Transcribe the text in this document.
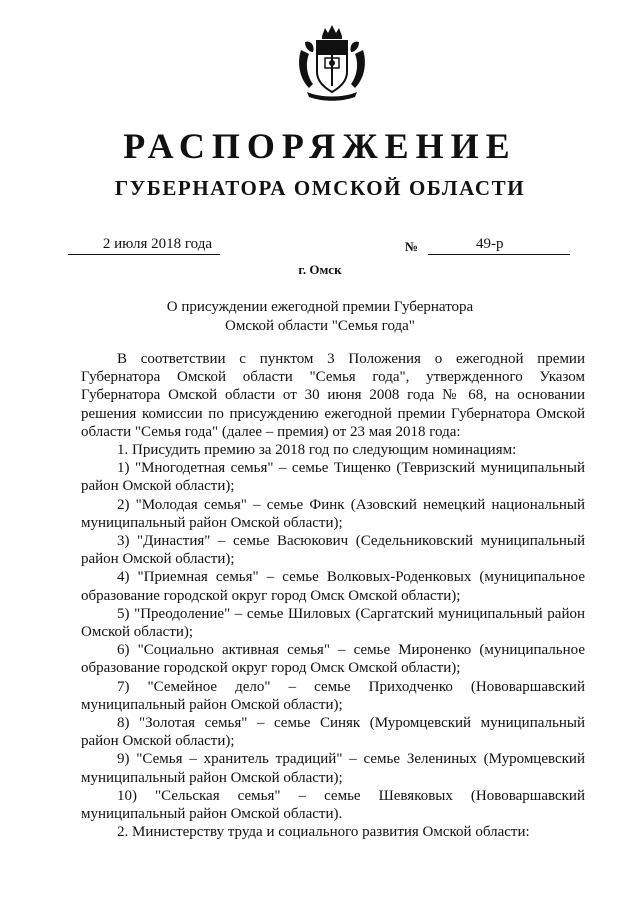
РАСПОРЯЖЕНИЕ
ГУБЕРНАТОРА ОМСКОЙ ОБЛАСТИ
2 июля 2018 года	№	49-р
г. Омск
О присуждении ежегодной премии Губернатора
Омской области "Семья года"

В соответствии с пунктом 3 Положения о ежегодной премии Губернатора Омской области "Семья года", утвержденного Указом Губернатора Омской области от 30 июня 2008 года № 68, на основании решения комиссии по присуждению ежегодной премии Губернатора Омской области "Семья года" (далее – премия) от 23 мая 2018 года:

1. Присудить премию за 2018 год по следующим номинациям:

1) "Многодетная семья" – семье Тищенко (Тевризский муниципальный район Омской области);

2) "Молодая семья" – семье Финк (Азовский немецкий национальный муниципальный район Омской области);

3) "Династия" – семье Васюкович (Седельниковский муниципальный район Омской области);

4) "Приемная семья" – семье Волковых-Роденковых (муниципальное образование городской округ город Омск Омской области);

5) "Преодоление" – семье Шиловых (Саргатский муниципальный район Омской области);

6) "Социально активная семья" – семье Мироненко (муниципальное образование городской округ город Омск Омской области);

7) "Семейное дело" – семье Приходченко (Нововаршавский муниципальный район Омской области);

8) "Золотая семья" – семье Синяк (Муромцевский муниципальный район Омской области);

9) "Семья – хранитель традиций" – семье Зелениных (Муромцевский муниципальный район Омской области);

10) "Сельская семья" – семье Шевяковых (Нововаршавский муниципальный район Омской области).

2. Министерству труда и социального развития Омской области:
